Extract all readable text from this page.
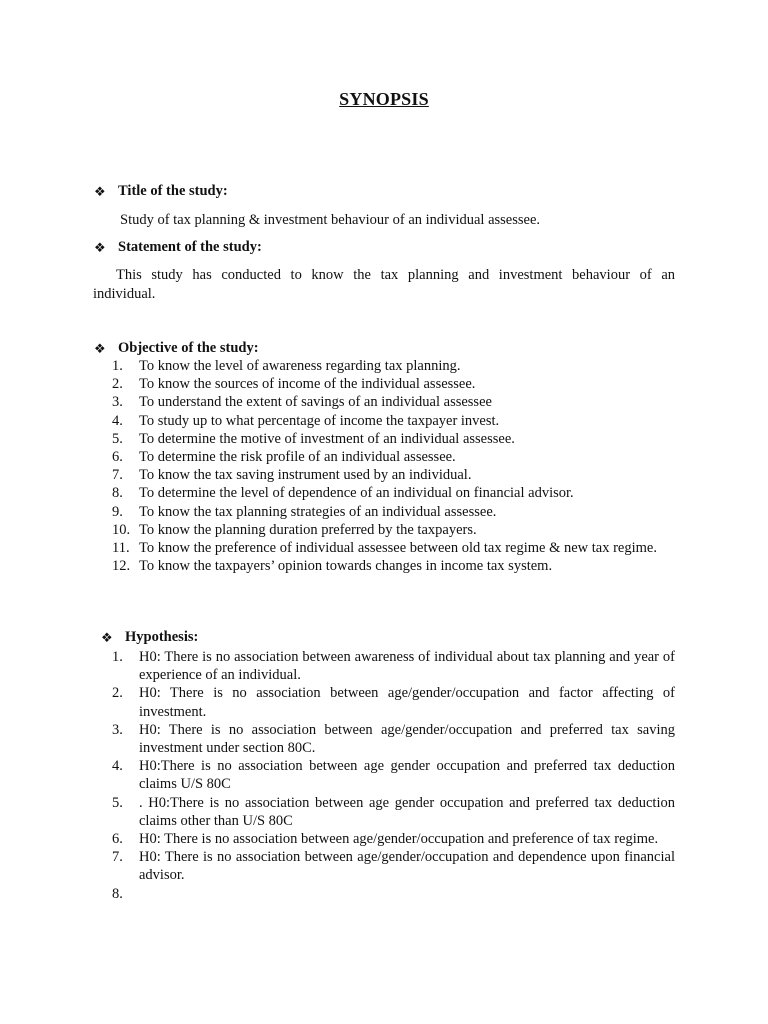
SYNOPSIS
❖ Title of the study:
Study of tax planning & investment behaviour of an individual assessee.
❖ Statement of the study:
This study has conducted to know the tax planning and investment behaviour of an
individual.
❖ Objective of the study:
1.	To know the level of awareness regarding tax planning.
2.	To know the sources of income of the individual assessee.
3.	To understand the extent of savings of an individual assessee
4.	To study up to what percentage of income the taxpayer invest.
5.	To determine the motive of investment of an individual assessee.
6.	To determine the risk profile of an individual assessee.
7.	To know the tax saving instrument used by an individual.
8.	To determine the level of dependence of an individual on financial advisor.
9.	To know the tax planning strategies of an individual assessee.
10. To know the planning duration preferred by the taxpayers.
11. To know the preference of individual assessee between old tax regime & new tax regime.
12. To know the taxpayers’ opinion towards changes in income tax system.
❖ Hypothesis:
1.	H0: There is no association between awareness of individual about tax planning and year of experience of an individual.
2.	H0: There is no association between age/gender/occupation and factor affecting of investment.
3.	H0: There is no association between age/gender/occupation and preferred tax saving investment under section 80C.
4.	H0:There is no association between age gender occupation and preferred tax deduction claims U/S 80C
5.	. H0:There is no association between age gender occupation and preferred tax deduction claims other than U/S 80C
6.	H0: There is no association between age/gender/occupation and preference of tax regime.
7.	H0: There is no association between age/gender/occupation and dependence upon financial advisor.
8.
